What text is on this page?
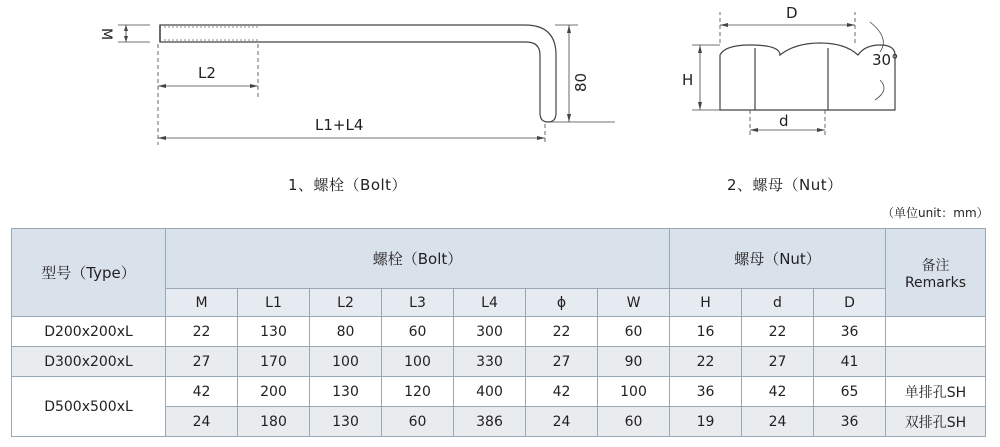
M
L2
L1+L4
80
1、螺栓（Bolt）
D
H
d
30°
2、螺母（Nut）
（单位unit：mm）
型号（Type）	螺栓（Bolt）							螺母（Nut）			备注
Remarks

	M	L1	L2	L3	L4	ϕ	W	H	d	D	
D200x200xL	22	130	80	60	300	22	60	16	22	36	
D300x200xL	27	170	100	100	330	27	90	22	27	41	
D500x500xL	42	200	130	120	400	42	100	36	42	65	单排孔SH
	24	180	130	60	386	24	60	19	24	36	双排孔SH
